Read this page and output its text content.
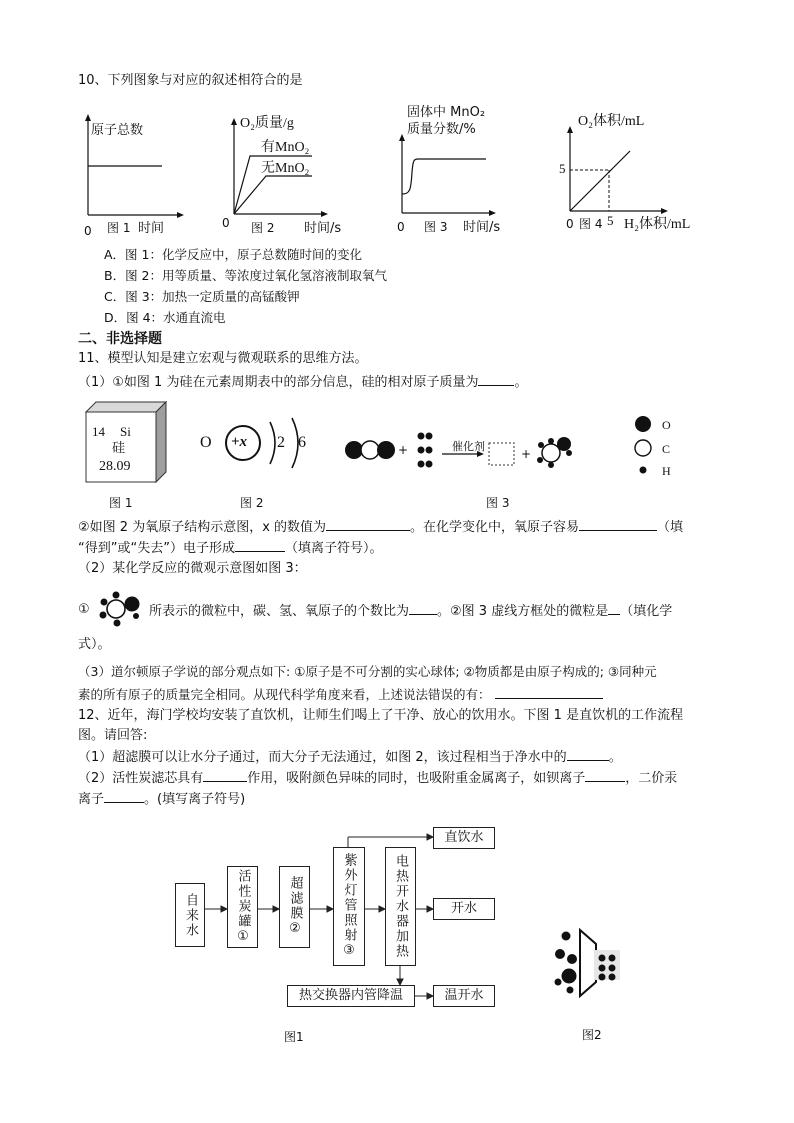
10、下列图象与对应的叙述相符合的是
原子总数
0 图 1 时间
O₂质量/g
有MnO₂
无MnO₂
0 图 2 时间/s
固体中 MnO₂
质量分数/%
0 图 3 时间/s
O₂体积/mL
5
5
0 图 4 H₂体积/mL
A．图 1：化学反应中，原子总数随时间的变化
B．图 2：用等质量、等浓度过氧化氢溶液制取氧气
C．图 3：加热一定质量的高锰酸钾
D．图 4：水通直流电
二、非选择题
11、模型认知是建立宏观与微观联系的思维方法。
（1）①如图 1 为硅在元素周期表中的部分信息，硅的相对原子质量为	。
14 Si
硅
28.09
O +x 2 6	+	+
催化剂
O
C
H
图 1	图 2	图 3
②如图 2 为氧原子结构示意图，x 的数值为	。在化学变化中，氧原子容易	（填
“得到”或“失去”）电子形成	（填离子符号）。
（2）某化学反应的微观示意图如图 3：
①	所表示的微粒中，碳、氢、氧原子的个数比为 。②图 3 虚线方框处的微粒是 （填化学
式）。
（3）道尔顿原子学说的部分观点如下: ①原子是不可分割的实心球体; ②物质都是由原子构成的; ③同种元
素的所有原子的质量完全相同。从现代科学角度来看，上述说法错误的有：
12、近年，海门学校均安装了直饮机，让师生们喝上了干净、放心的饮用水。下图 1 是直饮机的工作流程
图。请回答:
（1）超滤膜可以让水分子通过，而大分子无法通过，如图 2，该过程相当于净水中的	。
（2）活性炭滤芯具有	作用，吸附颜色异味的同时，也吸附重金属离子，如钡离子	，二价汞
离子	。(填写离子符号)
自来水	活性炭罐①	超滤膜②	紫外灯管照射③	电热开水器加热
直饮水
开水
热交换器内管降温	温开水
图1	图2
